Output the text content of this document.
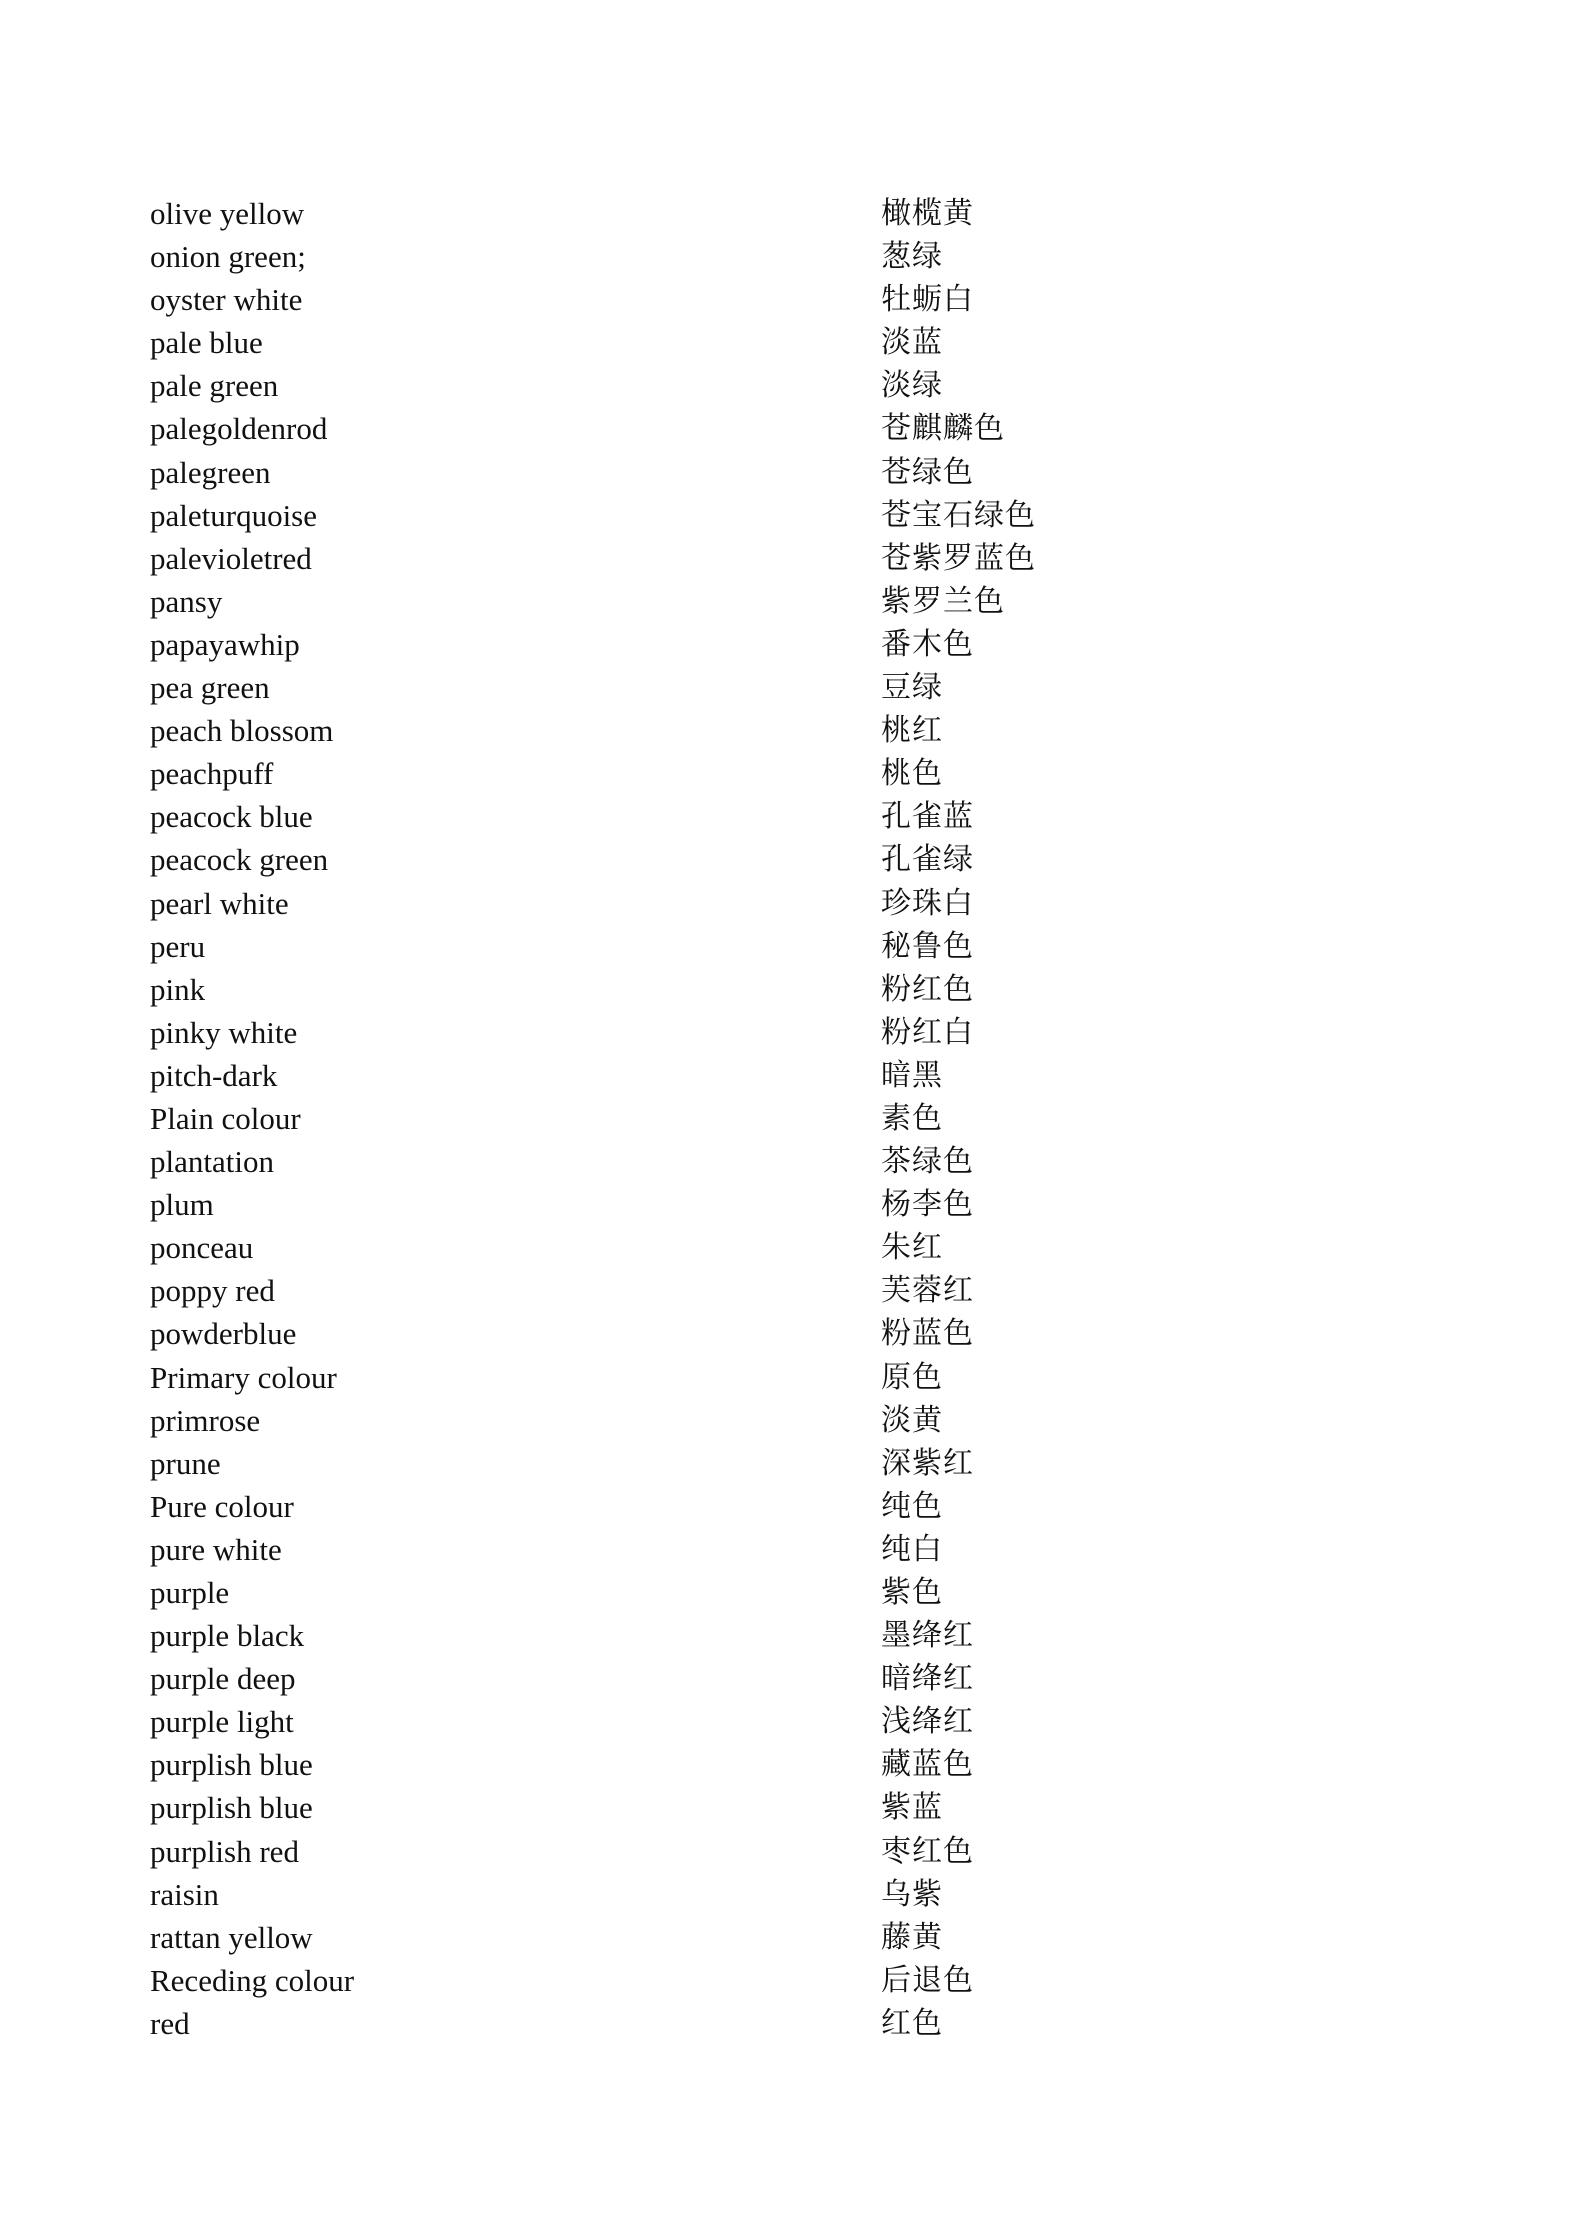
olive yellow	橄榄黄
onion green;	葱绿
oyster white	牡蛎白
pale blue	淡蓝
pale green	淡绿
palegoldenrod	苍麒麟色
palegreen	苍绿色
paleturquoise	苍宝石绿色
palevioletred	苍紫罗蓝色
pansy	紫罗兰色
papayawhip	番木色
pea green	豆绿
peach blossom	桃红
peachpuff	桃色
peacock blue	孔雀蓝
peacock green	孔雀绿
pearl white	珍珠白
peru	秘鲁色
pink	粉红色
pinky white	粉红白
pitch-dark	暗黑
Plain colour	素色
plantation	茶绿色
plum	杨李色
ponceau	朱红
poppy red	芙蓉红
powderblue	粉蓝色
Primary colour	原色
primrose	淡黄
prune	深紫红
Pure colour	纯色
pure white	纯白
purple	紫色
purple black	墨绛红
purple deep	暗绛红
purple light	浅绛红
purplish blue	藏蓝色
purplish blue	紫蓝
purplish red	枣红色
raisin	乌紫
rattan yellow	藤黄
Receding colour	后退色
red	红色
